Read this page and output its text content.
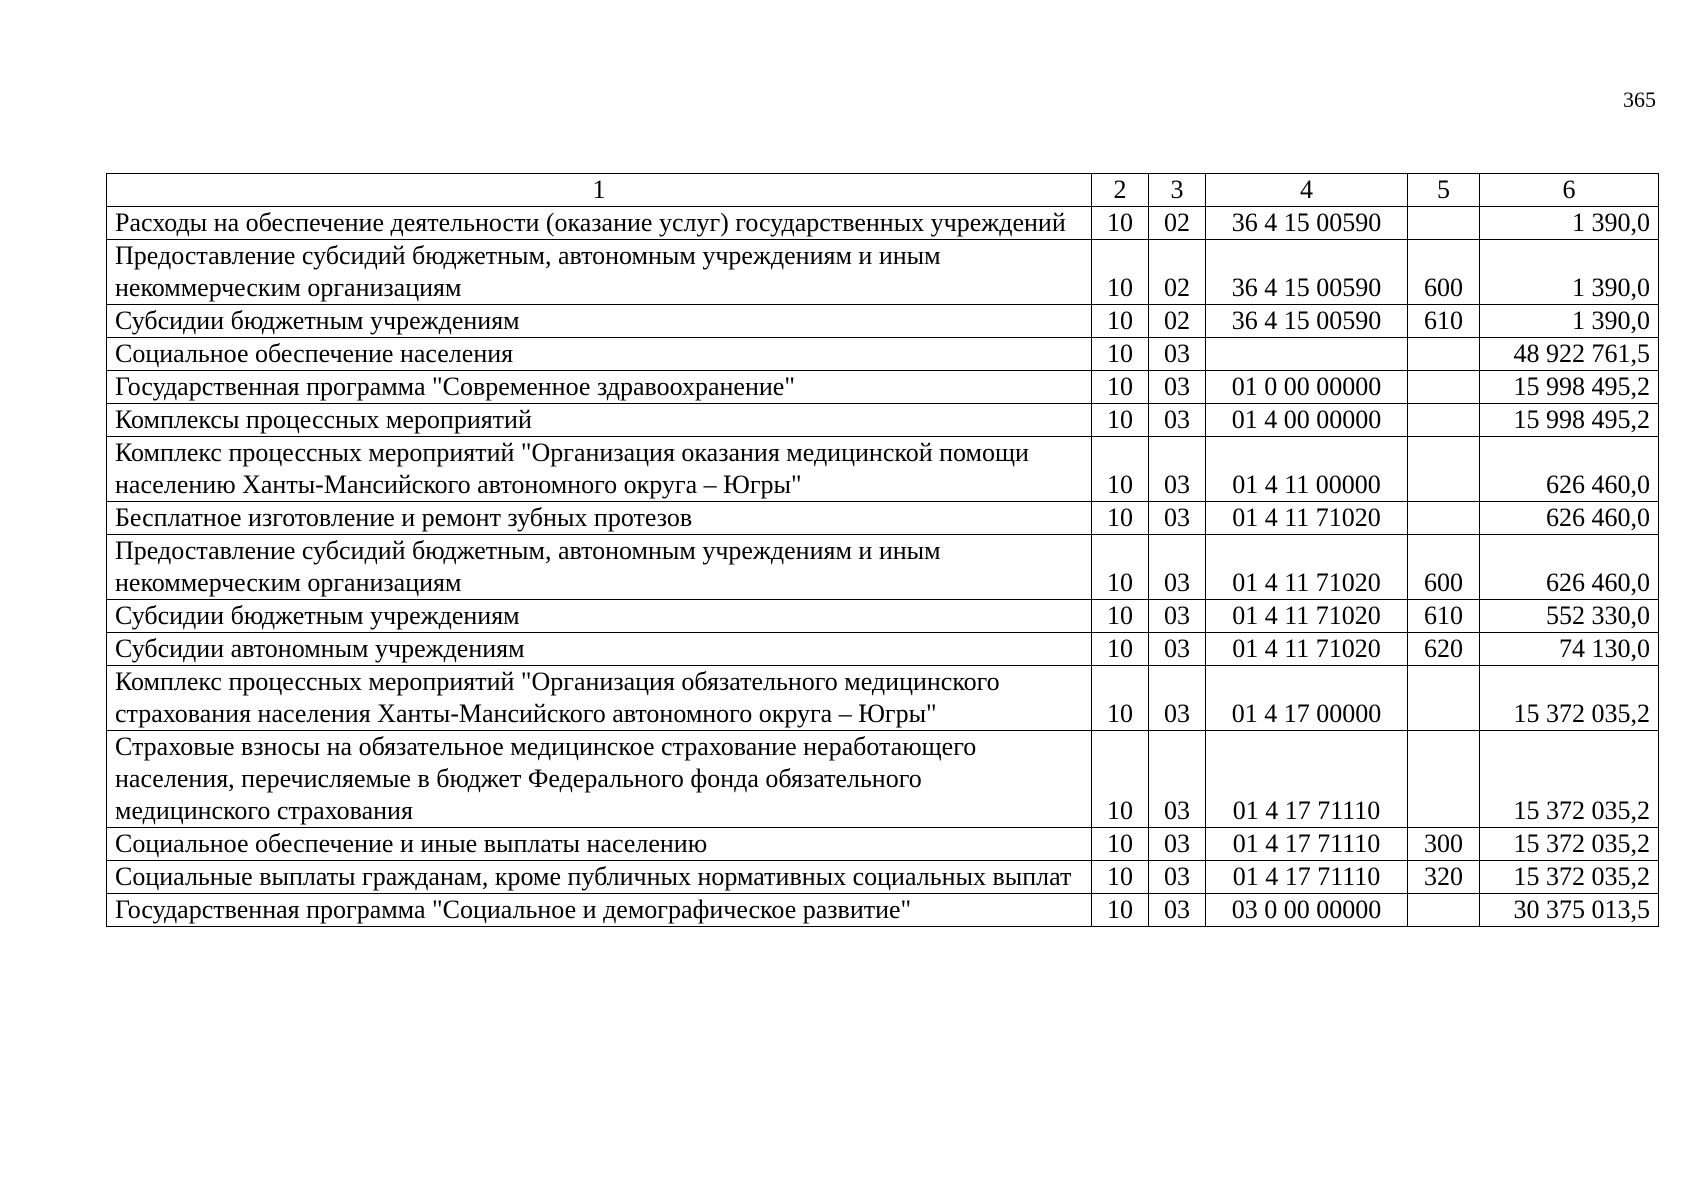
365
1	2	3	4	5	6
Расходы на обеспечение деятельности (оказание услуг) государственных учреждений	10	02	36 4 15 00590		1 390,0
Предоставление субсидий бюджетным, автономным учреждениям и иным некоммерческим организациям	10	02	36 4 15 00590	600	1 390,0
Субсидии бюджетным учреждениям	10	02	36 4 15 00590	610	1 390,0
Социальное обеспечение населения	10	03			48 922 761,5
Государственная программа "Современное здравоохранение"	10	03	01 0 00 00000		15 998 495,2
Комплексы процессных мероприятий	10	03	01 4 00 00000		15 998 495,2
Комплекс процессных мероприятий "Организация оказания медицинской помощи населению Ханты-Мансийского автономного округа – Югры"	10	03	01 4 11 00000		626 460,0
Бесплатное изготовление и ремонт зубных протезов	10	03	01 4 11 71020		626 460,0
Предоставление субсидий бюджетным, автономным учреждениям и иным некоммерческим организациям	10	03	01 4 11 71020	600	626 460,0
Субсидии бюджетным учреждениям	10	03	01 4 11 71020	610	552 330,0
Субсидии автономным учреждениям	10	03	01 4 11 71020	620	74 130,0
Комплекс процессных мероприятий "Организация обязательного медицинского страхования населения Ханты-Мансийского автономного округа – Югры"	10	03	01 4 17 00000		15 372 035,2
Страховые взносы на обязательное медицинское страхование неработающего населения, перечисляемые в бюджет Федерального фонда обязательного медицинского страхования	10	03	01 4 17 71110		15 372 035,2
Социальное обеспечение и иные выплаты населению	10	03	01 4 17 71110	300	15 372 035,2
Социальные выплаты гражданам, кроме публичных нормативных социальных выплат	10	03	01 4 17 71110	320	15 372 035,2
Государственная программа "Социальное и демографическое развитие"	10	03	03 0 00 00000		30 375 013,5
